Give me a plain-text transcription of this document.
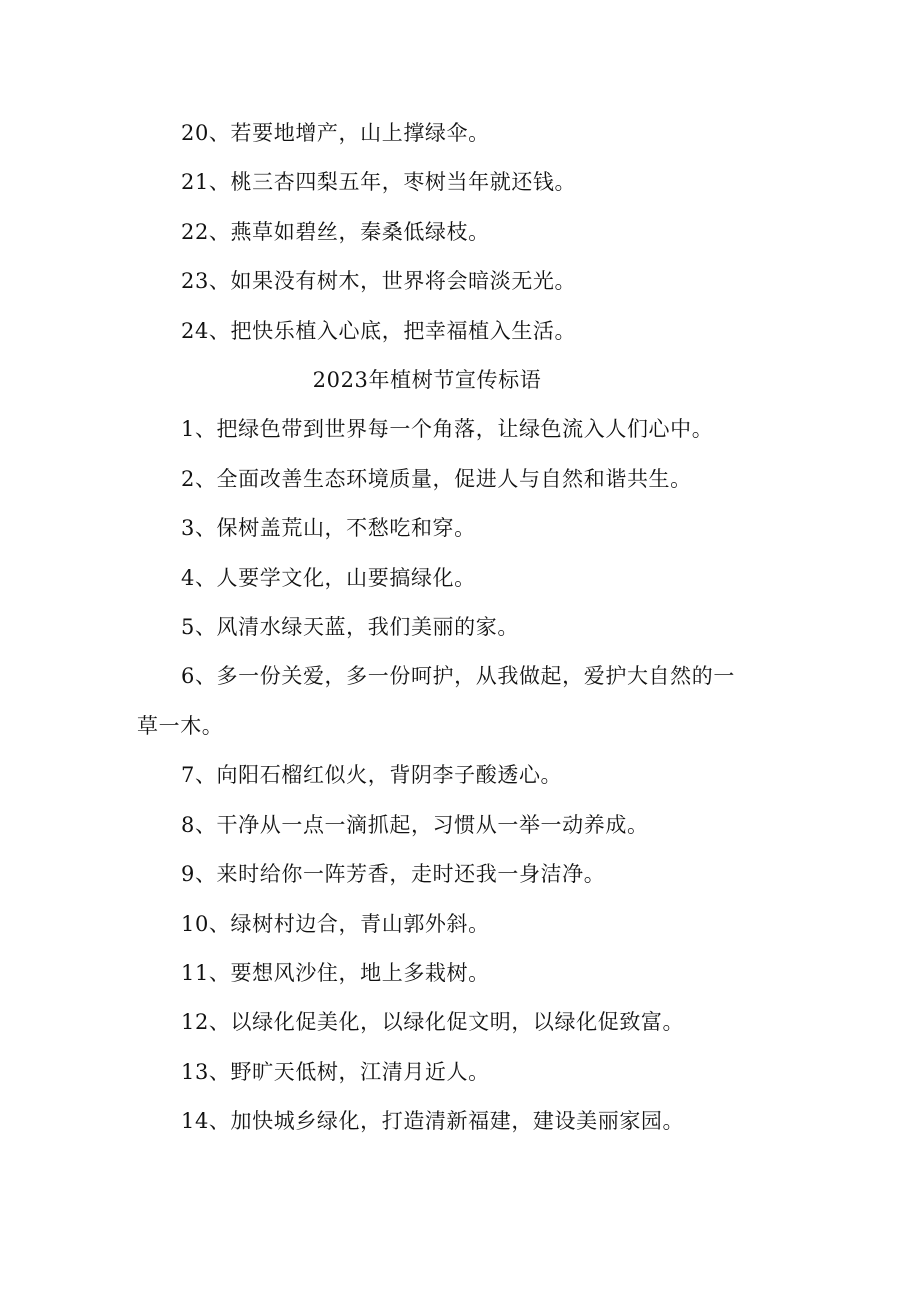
20、若要地增产，山上撑绿伞。
21、桃三杏四梨五年，枣树当年就还钱。
22、燕草如碧丝，秦桑低绿枝。
23、如果没有树木，世界将会暗淡无光。
24、把快乐植入心底，把幸福植入生活。
2023年植树节宣传标语
1、把绿色带到世界每一个角落，让绿色流入人们心中。
2、全面改善生态环境质量，促进人与自然和谐共生。
3、保树盖荒山，不愁吃和穿。
4、人要学文化，山要搞绿化。
5、风清水绿天蓝，我们美丽的家。
6、多一份关爱，多一份呵护，从我做起，爱护大自然的一
草一木。
7、向阳石榴红似火，背阴李子酸透心。
8、干净从一点一滴抓起，习惯从一举一动养成。
9、来时给你一阵芳香，走时还我一身洁净。
10、绿树村边合，青山郭外斜。
11、要想风沙住，地上多栽树。
12、以绿化促美化，以绿化促文明，以绿化促致富。
13、野旷天低树，江清月近人。
14、加快城乡绿化，打造清新福建，建设美丽家园。
